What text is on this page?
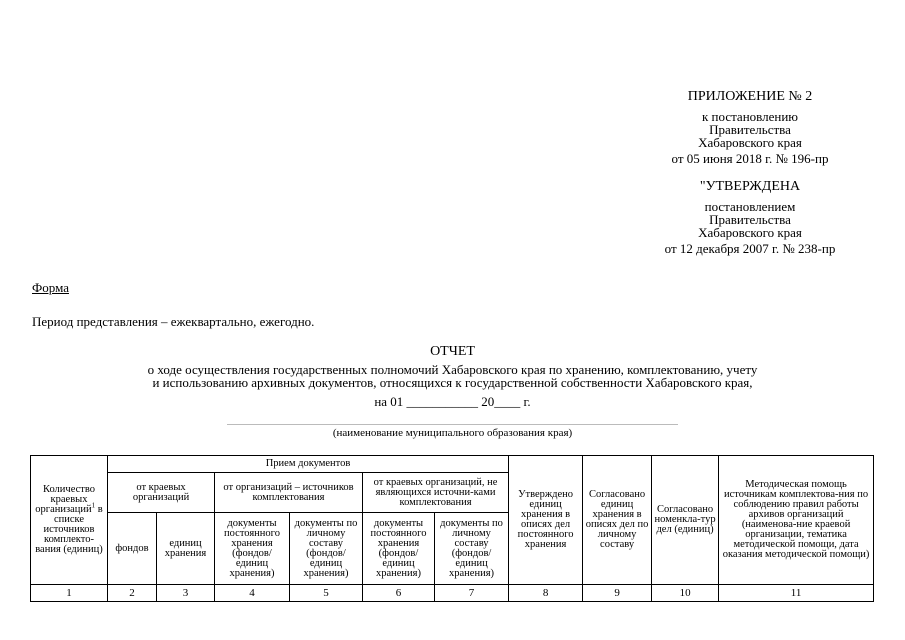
ПРИЛОЖЕНИЕ № 2
к постановлению
Правительства
Хабаровского края
от 05 июня 2018 г. № 196-пр
"УТВЕРЖДЕНА
постановлением
Правительства
Хабаровского края
от 12 декабря 2007 г. № 238-пр
Форма
Период представления – ежеквартально, ежегодно.
ОТЧЕТ
о ходе осуществления государственных полномочий Хабаровского края по хранению, комплектованию, учету
и использованию архивных документов, относящихся к государственной собственности Хабаровского края,
на 01 ___________ 20____ г.
(наименование муниципального образования края)
Количество краевых организаций$^1$ в списке источников комплекто-вания (единиц)	Прием документов						Утверждено единиц хранения в описях дел постоянного хранения	Согласовано единиц хранения в описях дел по личному составу	Согласовано номенкла-тур дел (единиц)	Методическая помощь источникам комплектова-ния по соблюдению правил работы архивов организаций (наименова-ние краевой организации, тематика методической помощи, дата оказания методической помощи)
	от краевых организаций		от организаций – источников комплектования		от краевых организаций, не являющихся источни-ками комплектования					
	фондов	единиц хранения	документы постоянного хранения (фондов/ единиц хранения)	документы по личному составу (фондов/ единиц хранения)	документы постоянного хранения (фондов/ единиц хранения)	документы по личному составу (фондов/ единиц хранения)				
1	2	3	4	5	6	7	8	9	10	11
